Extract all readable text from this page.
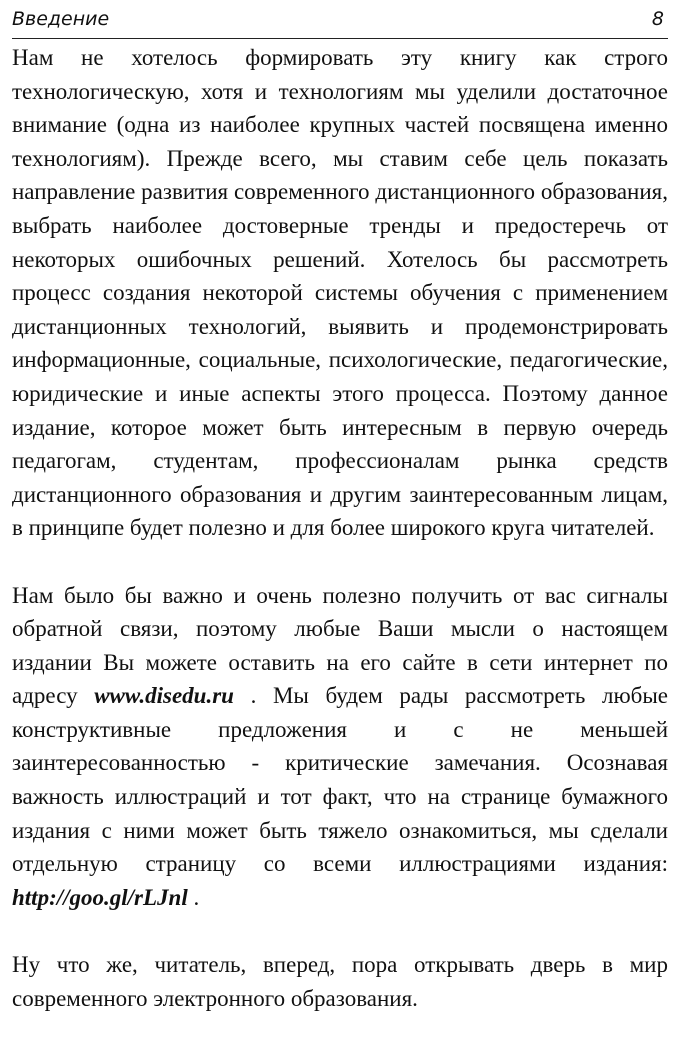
Введение	8

Нам не хотелось формировать эту книгу как строго технологическую, хотя и технологиям мы уделили достаточное внимание (одна из наиболее крупных частей посвящена именно технологиям). Прежде всего, мы ставим себе цель показать направление развития современного дистанционного образования, выбрать наиболее достоверные тренды и предостеречь от некоторых ошибочных решений. Хотелось бы рассмотреть процесс создания некоторой системы обучения с применением дистанционных технологий, выявить и продемонстрировать информационные, социальные, психологические, педагогические, юридические и иные аспекты этого процесса. Поэтому данное издание, которое может быть интересным в первую очередь педагогам, студентам, профессионалам рынка средств дистанционного образования и другим заинтересованным лицам, в принципе будет полезно и для более широкого круга читателей.

Нам было бы важно и очень полезно получить от вас сигналы обратной связи, поэтому любые Ваши мысли о настоящем издании Вы можете оставить на его сайте в сети интернет по адресу www.disedu.ru . Мы будем рады рассмотреть любые конструктивные предложения и с не меньшей заинтересованностью - критические замечания. Осознавая важность иллюстраций и тот факт, что на странице бумажного издания с ними может быть тяжело ознакомиться, мы сделали отдельную страницу со всеми иллюстрациями издания: http://goo.gl/rLJnl .

Ну что же, читатель, вперед, пора открывать дверь в мир современного электронного образования.
